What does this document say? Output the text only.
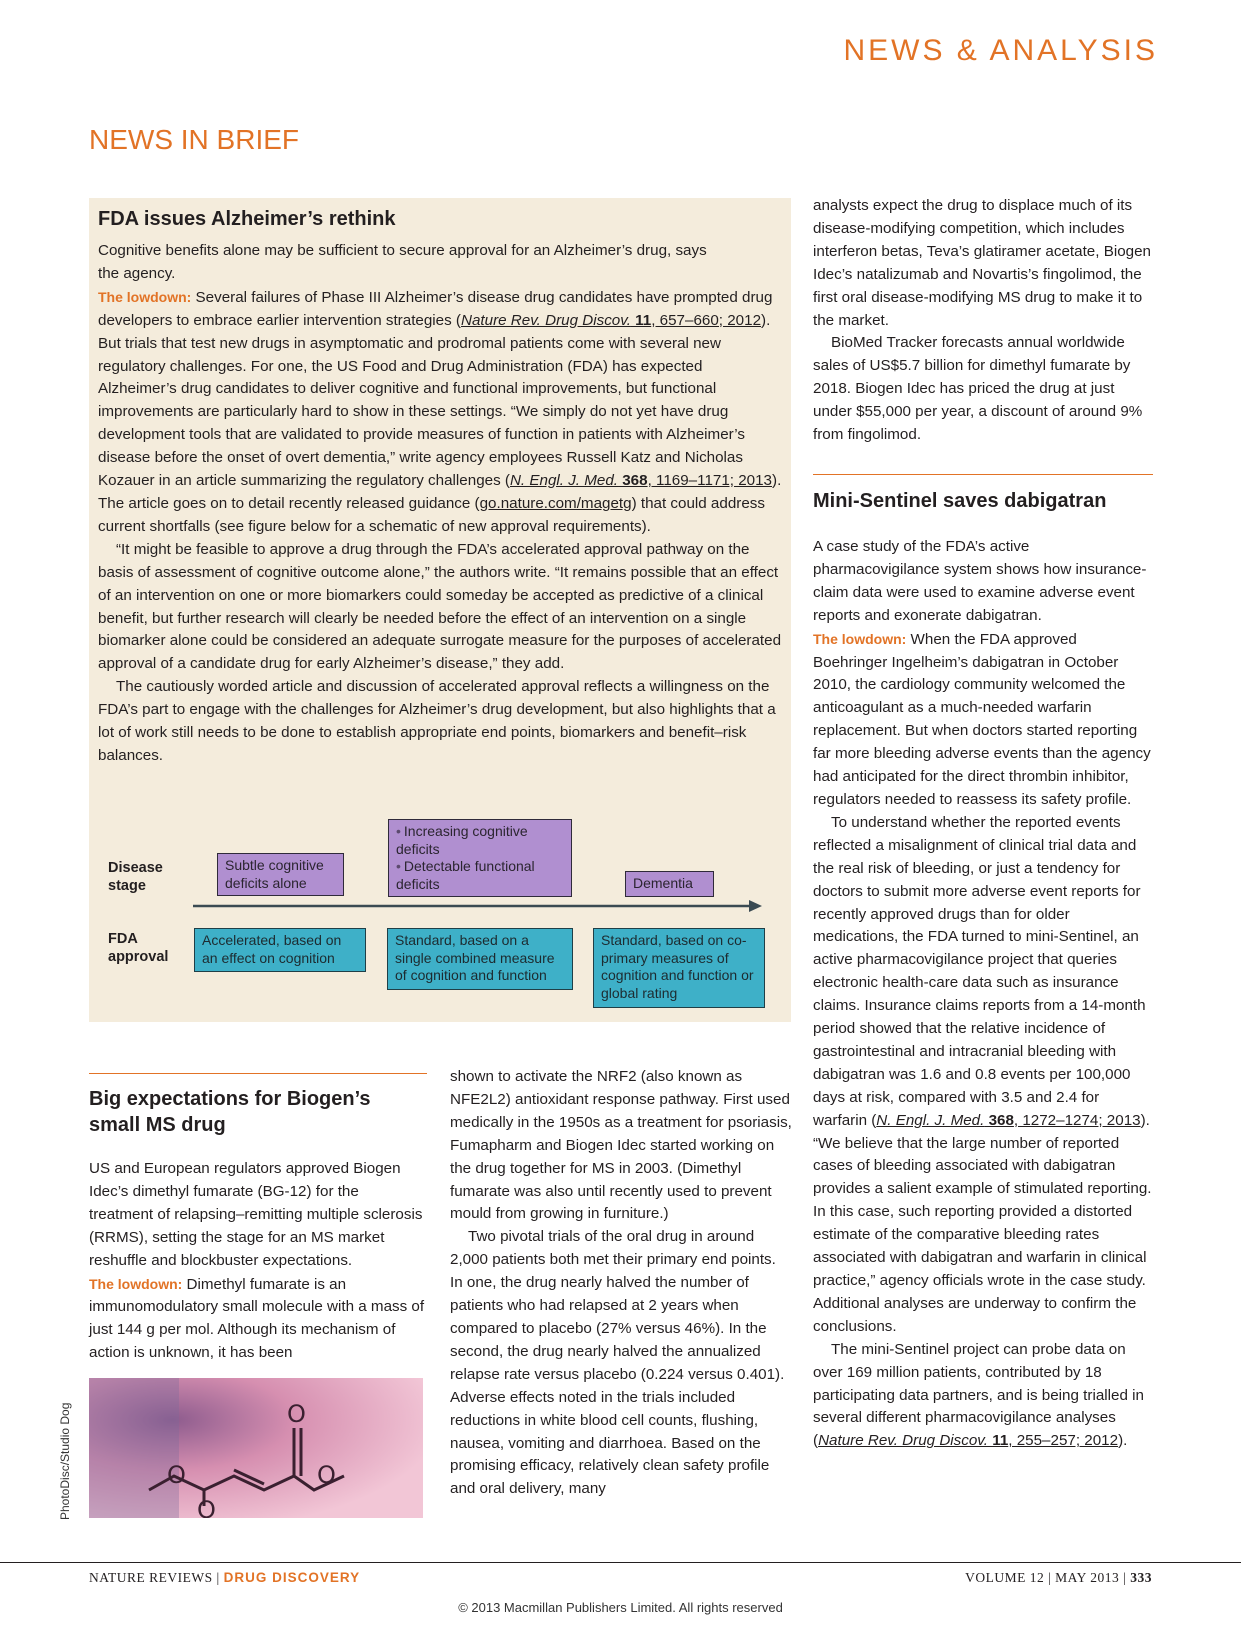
NEWS & ANALYSIS
NEWS IN BRIEF
FDA issues Alzheimer’s rethink
Cognitive benefits alone may be sufficient to secure approval for an Alzheimer’s drug, says the agency.

The lowdown: Several failures of Phase III Alzheimer’s disease drug candidates have prompted drug developers to embrace earlier intervention strategies (Nature Rev. Drug Discov. 11, 657–660; 2012). But trials that test new drugs in asymptomatic and prodromal patients come with several new regulatory challenges. For one, the US Food and Drug Administration (FDA) has expected Alzheimer’s drug candidates to deliver cognitive and functional improvements, but functional improvements are particularly hard to show in these settings. “We simply do not yet have drug development tools that are validated to provide measures of function in patients with Alzheimer’s disease before the onset of overt dementia,” write agency employees Russell Katz and Nicholas Kozauer in an article summarizing the regulatory challenges (N. Engl. J. Med. 368, 1169–1171; 2013). The article goes on to detail recently released guidance (go.nature.com/magetg) that could address current shortfalls (see figure below for a schematic of new approval requirements).

“It might be feasible to approve a drug through the FDA’s accelerated approval pathway on the basis of assessment of cognitive outcome alone,” the authors write. “It remains possible that an effect of an intervention on one or more biomarkers could someday be accepted as predictive of a clinical benefit, but further research will clearly be needed before the effect of an intervention on a single biomarker alone could be considered an adequate surrogate measure for the purposes of accelerated approval of a candidate drug for early Alzheimer’s disease,” they add.

The cautiously worded article and discussion of accelerated approval reflects a willingness on the FDA’s part to engage with the challenges for Alzheimer’s drug development, but also highlights that a lot of work still needs to be done to establish appropriate end points, biomarkers and benefit–risk balances.

Disease
stage
FDA
approval
Subtle cognitive deficits alone
• Increasing cognitive deficits
• Detectable functional deficits	Dementia
Accelerated, based on an effect on cognition
Standard, based on a single combined measure of cognition and function
Standard, based on co-primary measures of cognition and function or global rating
Big expectations for Biogen’s small MS drug

US and European regulators approved Biogen Idec’s dimethyl fumarate (BG-12) for the treatment of relapsing–remitting multiple sclerosis (RRMS), setting the stage for an MS market reshuffle and blockbuster expectations.

The lowdown: Dimethyl fumarate is an immunomodulatory small molecule with a mass of just 144 g per mol. Although its mechanism of action is unknown, it has been

O
O
O
O
PhotoDisc/Studio Dog

shown to activate the NRF2 (also known as NFE2L2) antioxidant response pathway. First used medically in the 1950s as a treatment for psoriasis, Fumapharm and Biogen Idec started working on the drug together for MS in 2003. (Dimethyl fumarate was also until recently used to prevent mould from growing in furniture.)

Two pivotal trials of the oral drug in around 2,000 patients both met their primary end points. In one, the drug nearly halved the number of patients who had relapsed at 2 years when compared to placebo (27% versus 46%). In the second, the drug nearly halved the annualized relapse rate versus placebo (0.224 versus 0.401). Adverse effects noted in the trials included reductions in white blood cell counts, flushing, nausea, vomiting and diarrhoea. Based on the promising efficacy, relatively clean safety profile and oral delivery, many

analysts expect the drug to displace much of its disease-modifying competition, which includes interferon betas, Teva’s glatiramer acetate, Biogen Idec’s natalizumab and Novartis’s fingolimod, the first oral disease-modifying MS drug to make it to the market.

BioMed Tracker forecasts annual worldwide sales of US$5.7 billion for dimethyl fumarate by 2018. Biogen Idec has priced the drug at just under $55,000 per year, a discount of around 9% from fingolimod.

Mini-Sentinel saves dabigatran

A case study of the FDA’s active pharmacovigilance system shows how insurance-claim data were used to examine adverse event reports and exonerate dabigatran.

The lowdown: When the FDA approved Boehringer Ingelheim’s dabigatran in October 2010, the cardiology community welcomed the anticoagulant as a much-needed warfarin replacement. But when doctors started reporting far more bleeding adverse events than the agency had anticipated for the direct thrombin inhibitor, regulators needed to reassess its safety profile.

To understand whether the reported events reflected a misalignment of clinical trial data and the real risk of bleeding, or just a tendency for doctors to submit more adverse event reports for recently approved drugs than for older medications, the FDA turned to mini-Sentinel, an active pharmacovigilance project that queries electronic health-care data such as insurance claims. Insurance claims reports from a 14-month period showed that the relative incidence of gastrointestinal and intracranial bleeding with dabigatran was 1.6 and 0.8 events per 100,000 days at risk, compared with 3.5 and 2.4 for warfarin (N. Engl. J. Med. 368, 1272–1274; 2013). “We believe that the large number of reported cases of bleeding associated with dabigatran provides a salient example of stimulated reporting. In this case, such reporting provided a distorted estimate of the comparative bleeding rates associated with dabigatran and warfarin in clinical practice,” agency officials wrote in the case study. Additional analyses are underway to confirm the conclusions.

The mini-Sentinel project can probe data on over 169 million patients, contributed by 18 participating data partners, and is being trialled in several different pharmacovigilance analyses (Nature Rev. Drug Discov. 11, 255–257; 2012).

NATURE REVIEWS | DRUG DISCOVERY	VOLUME 12 | MAY 2013 | 333
© 2013 Macmillan Publishers Limited. All rights reserved
